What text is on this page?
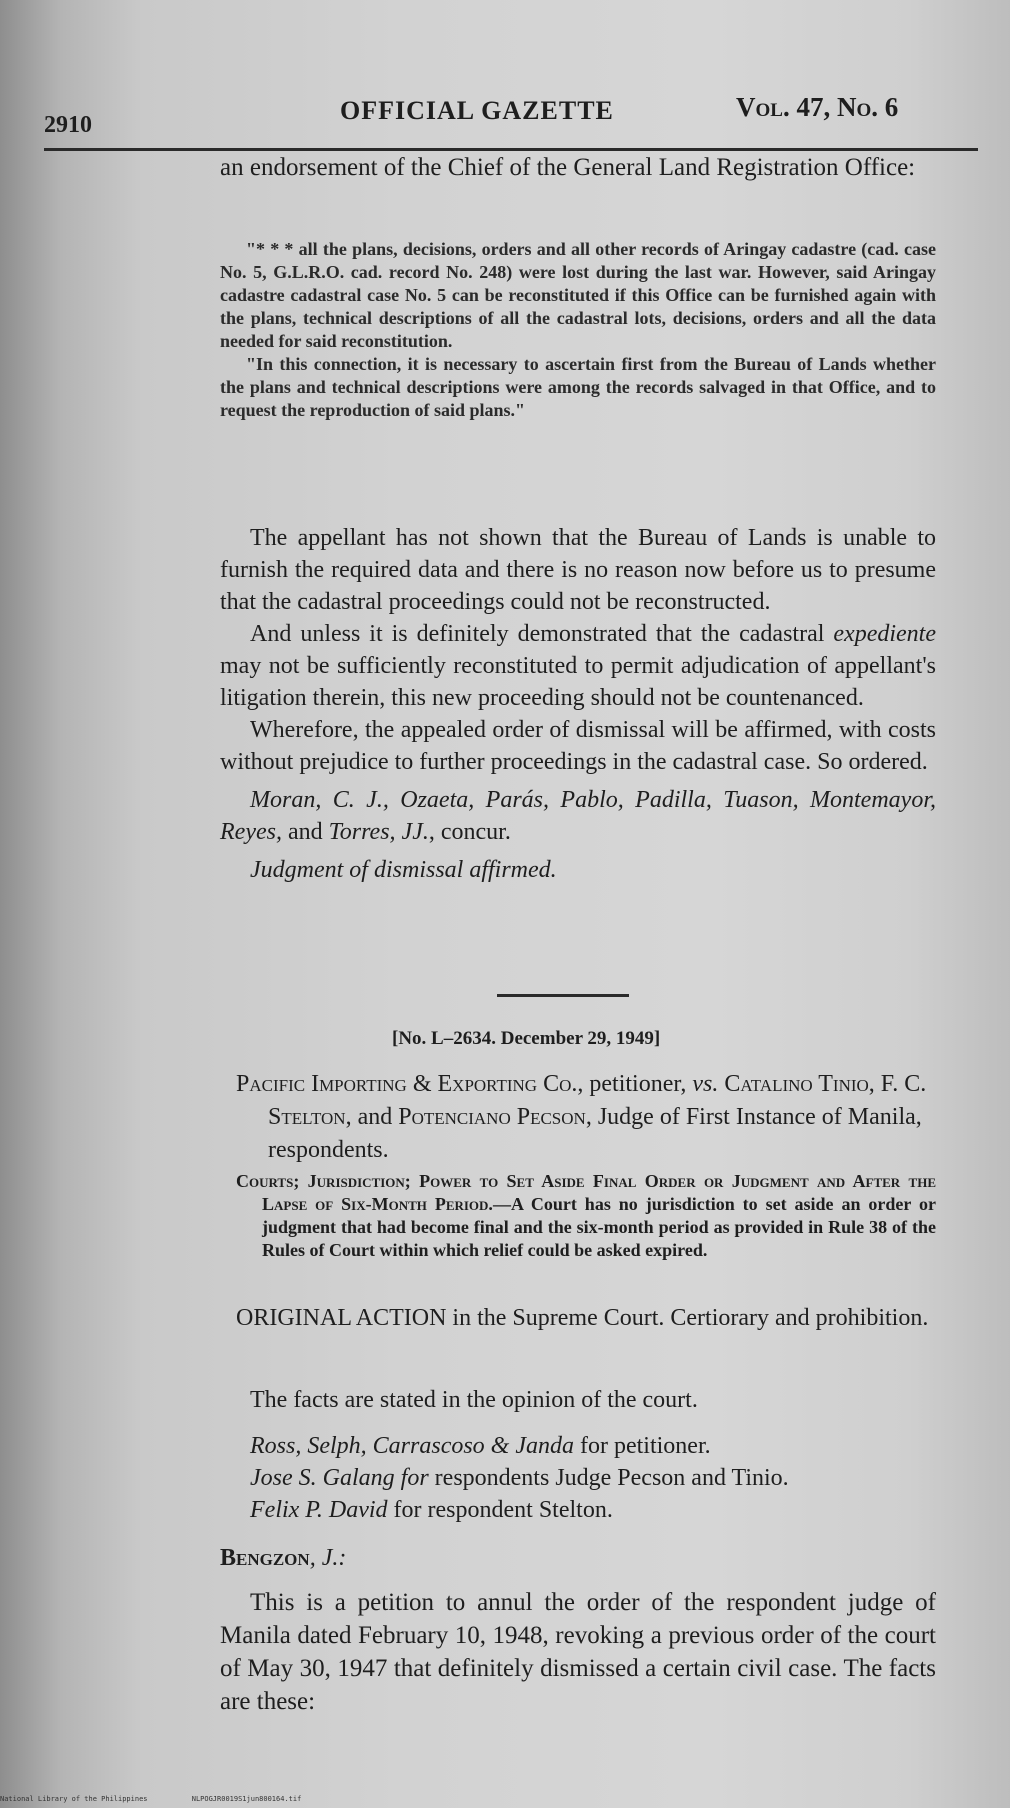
2910	OFFICIAL GAZETTE	Vol. 47, No. 6

an endorsement of the Chief of the General Land Registration Office:

"* * * all the plans, decisions, orders and all other records of Aringay cadastre (cad. case No. 5, G.L.R.O. cad. record No. 248) were lost during the last war. However, said Aringay cadastre cadastral case No. 5 can be reconstituted if this Office can be furnished again with the plans, technical descriptions of all the cadastral lots, decisions, orders and all the data needed for said reconstitution.

"In this connection, it is necessary to ascertain first from the Bureau of Lands whether the plans and technical descriptions were among the records salvaged in that Office, and to request the reproduction of said plans."

The appellant has not shown that the Bureau of Lands is unable to furnish the required data and there is no reason now before us to presume that the cadastral proceedings could not be reconstructed.

And unless it is definitely demonstrated that the cadastral expediente may not be sufficiently reconstituted to permit adjudication of appellant's litigation therein, this new proceeding should not be countenanced.

Wherefore, the appealed order of dismissal will be affirmed, with costs without prejudice to further proceedings in the cadastral case. So ordered.

Moran, C. J., Ozaeta, Parás, Pablo, Padilla, Tuason, Montemayor, Reyes, and Torres, JJ., concur.

Judgment of dismissal affirmed.

[No. L–2634. December 29, 1949]

Pacific Importing & Exporting Co., petitioner, vs. Catalino Tinio, F. C. Stelton, and Potenciano Pecson, Judge of First Instance of Manila, respondents.

Courts; Jurisdiction; Power to Set Aside Final Order or Judgment and After the Lapse of Six-Month Period.—A Court has no jurisdiction to set aside an order or judgment that had become final and the six-month period as provided in Rule 38 of the Rules of Court within which relief could be asked expired.

ORIGINAL ACTION in the Supreme Court. Certiorary and prohibition.

The facts are stated in the opinion of the court.

Ross, Selph, Carrascoso & Janda for petitioner.

Jose S. Galang for respondents Judge Pecson and Tinio.

Felix P. David for respondent Stelton.

Bengzon, J.:

This is a petition to annul the order of the respondent judge of Manila dated February 10, 1948, revoking a previous order of the court of May 30, 1947 that definitely dismissed a certain civil case. The facts are these:

National Library of the Philippines	NLPOGJR0019S1jun800164.tif
